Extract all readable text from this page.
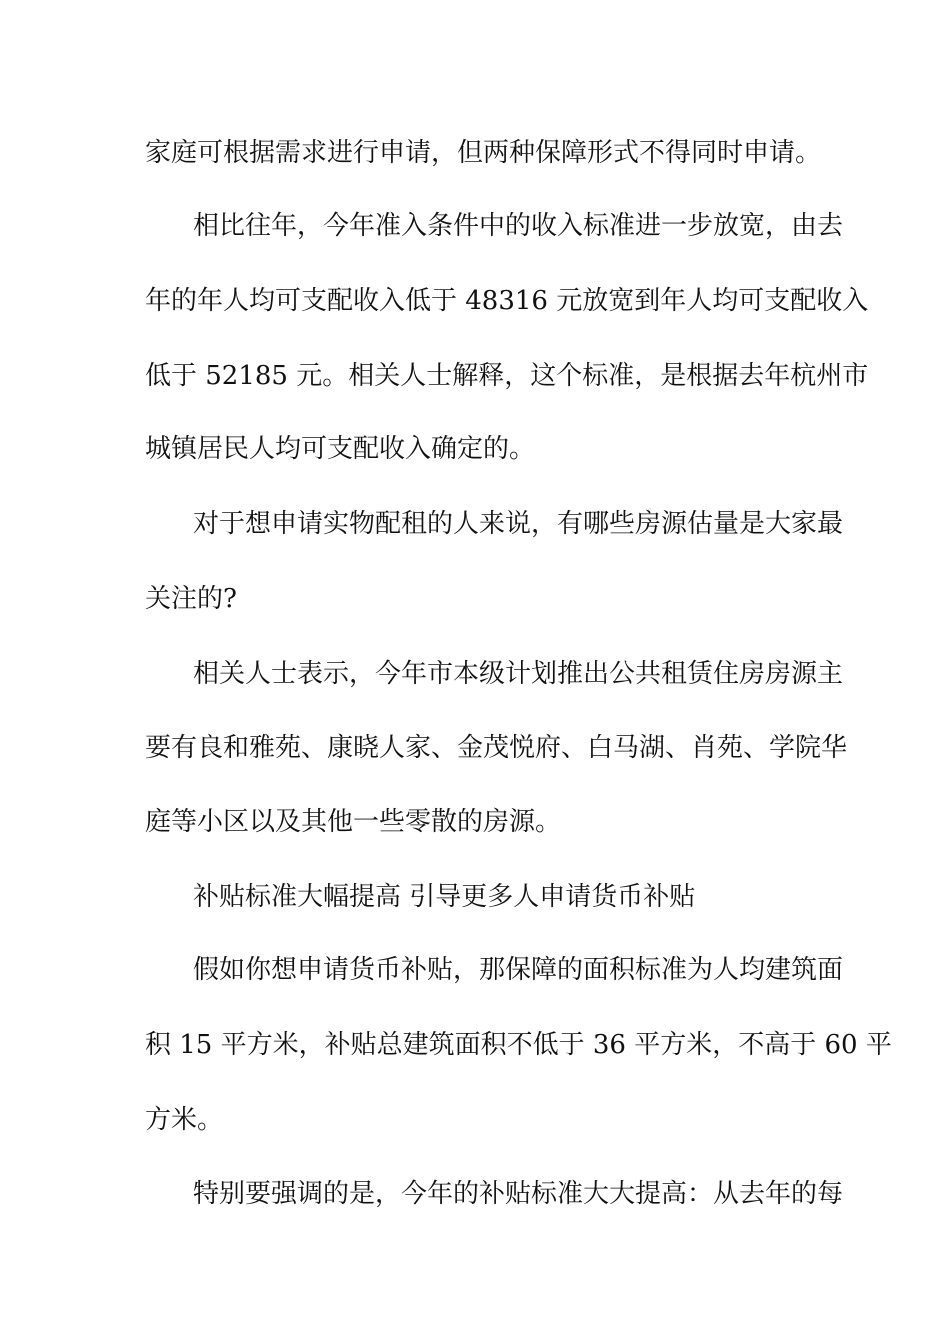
家庭可根据需求进行申请，但两种保障形式不得同时申请。
相比往年，今年准入条件中的收入标准进一步放宽，由去
年的年人均可支配收入低于 48316 元放宽到年人均可支配收入
低于 52185 元。相关人士解释，这个标准，是根据去年杭州市
城镇居民人均可支配收入确定的。
对于想申请实物配租的人来说，有哪些房源估量是大家最
关注的?
相关人士表示，今年市本级计划推出公共租赁住房房源主
要有良和雅苑、康晓人家、金茂悦府、白马湖、肖苑、学院华
庭等小区以及其他一些零散的房源。
补贴标准大幅提高 引导更多人申请货币补贴
假如你想申请货币补贴，那保障的面积标准为人均建筑面
积 15 平方米，补贴总建筑面积不低于 36 平方米，不高于 60 平
方米。
特别要强调的是，今年的补贴标准大大提高：从去年的每
